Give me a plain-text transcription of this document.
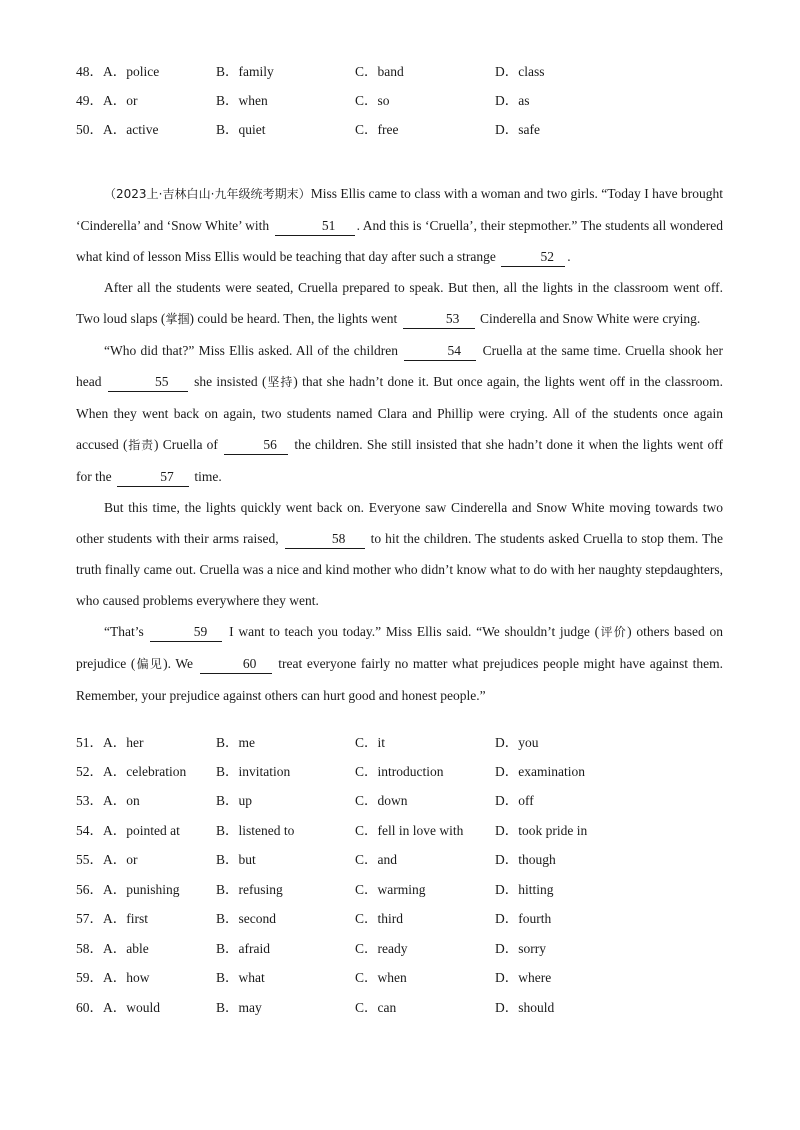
48．A．police	B．family	C．band	D．class
49．A．or	B．when	C．so	D．as
50．A．active	B．quiet	C．free	D．safe

（2023上·吉林白山·九年级统考期末）Miss Ellis came to class with a woman and two girls. “Today I have brought ‘Cinderella’ and ‘Snow White’ with	51 . And this is ‘Cruella’, their stepmother.” The students all wondered what kind of lesson Miss Ellis would be teaching that day after such a strange	52 .

After all the students were seated, Cruella prepared to speak. But then, all the lights in the classroom went off. Two loud slaps (掌掴) could be heard. Then, the lights went	53 Cinderella and Snow White were crying.

“Who did that?” Miss Ellis asked. All of the children	54 Cruella at the same time. Cruella shook her head	55 she insisted (坚持) that she hadn’t done it. But once again, the lights went off in the classroom. When they went back on again, two students named Clara and Phillip were crying. All of the students once again accused (指责) Cruella of	56 the children. She still insisted that she hadn’t done it when the lights went off for the	57 time.

But this time, the lights quickly went back on. Everyone saw Cinderella and Snow White moving towards two other students with their arms raised,	58 to hit the children. The students asked Cruella to stop them. The truth finally came out. Cruella was a nice and kind mother who didn’t know what to do with her naughty stepdaughters, who caused problems everywhere they went.

“That’s	59 I want to teach you today.” Miss Ellis said. “We shouldn’t judge (评价) others based on prejudice (偏见). We	60 treat everyone fairly no matter what prejudices people might have against them. Remember, your prejudice against others can hurt good and honest people.”

51．A．her	B．me	C．it	D．you
52．A．celebration B．invitation	C．introduction	D．examination
53．A．on	B．up	C．down	D．off
54．A．pointed at	B．listened to	C．fell in love with D．took pride in
55．A．or	B．but	C．and	D．though
56．A．punishing	B．refusing	C．warming	D．hitting
57．A．first	B．second	C．third	D．fourth
58．A．able	B．afraid	C．ready	D．sorry
59．A．how	B．what	C．when	D．where
60．A．would	B．may	C．can	D．should
